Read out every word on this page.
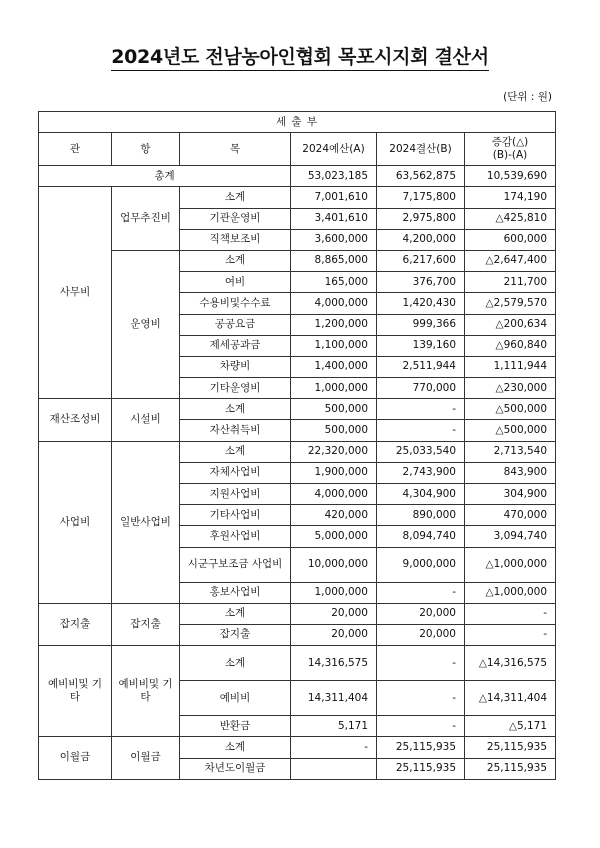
2024년도 전남농아인협회 목포시지회 결산서
(단위 : 원)
세 출 부					
관	항	목	2024예산(A)	2024결산(B)	증감(△)
(B)-(A)
총계			53,023,185	63,562,875	10,539,690
사무비	업무추진비	소계	7,001,610	7,175,800	174,190
		기관운영비	3,401,610	2,975,800	△425,810
		직책보조비	3,600,000	4,200,000	600,000
	운영비	소계	8,865,000	6,217,600	△2,647,400
		여비	165,000	376,700	211,700
		수용비및수수료	4,000,000	1,420,430	△2,579,570
		공공요금	1,200,000	999,366	△200,634
		제세공과금	1,100,000	139,160	△960,840
		차량비	1,400,000	2,511,944	1,111,944
		기타운영비	1,000,000	770,000	△230,000
재산조성비	시설비	소계	500,000	-	△500,000
		자산취득비	500,000	-	△500,000
사업비	일반사업비	소계	22,320,000	25,033,540	2,713,540
		자체사업비	1,900,000	2,743,900	843,900
		지원사업비	4,000,000	4,304,900	304,900
		기타사업비	420,000	890,000	470,000
		후원사업비	5,000,000	8,094,740	3,094,740
		시군구보조금 사업비	10,000,000	9,000,000	△1,000,000
		홍보사업비	1,000,000	-	△1,000,000
잡지출	잡지출	소계	20,000	20,000	-
		잡지출	20,000	20,000	-
예비비및 기타	예비비및 기타	소계	14,316,575	-	△14,316,575
		예비비	14,311,404	-	△14,311,404
		반환금	5,171	-	△5,171
이월금	이월금	소계	-	25,115,935	25,115,935
		차년도이월금		25,115,935	25,115,935
